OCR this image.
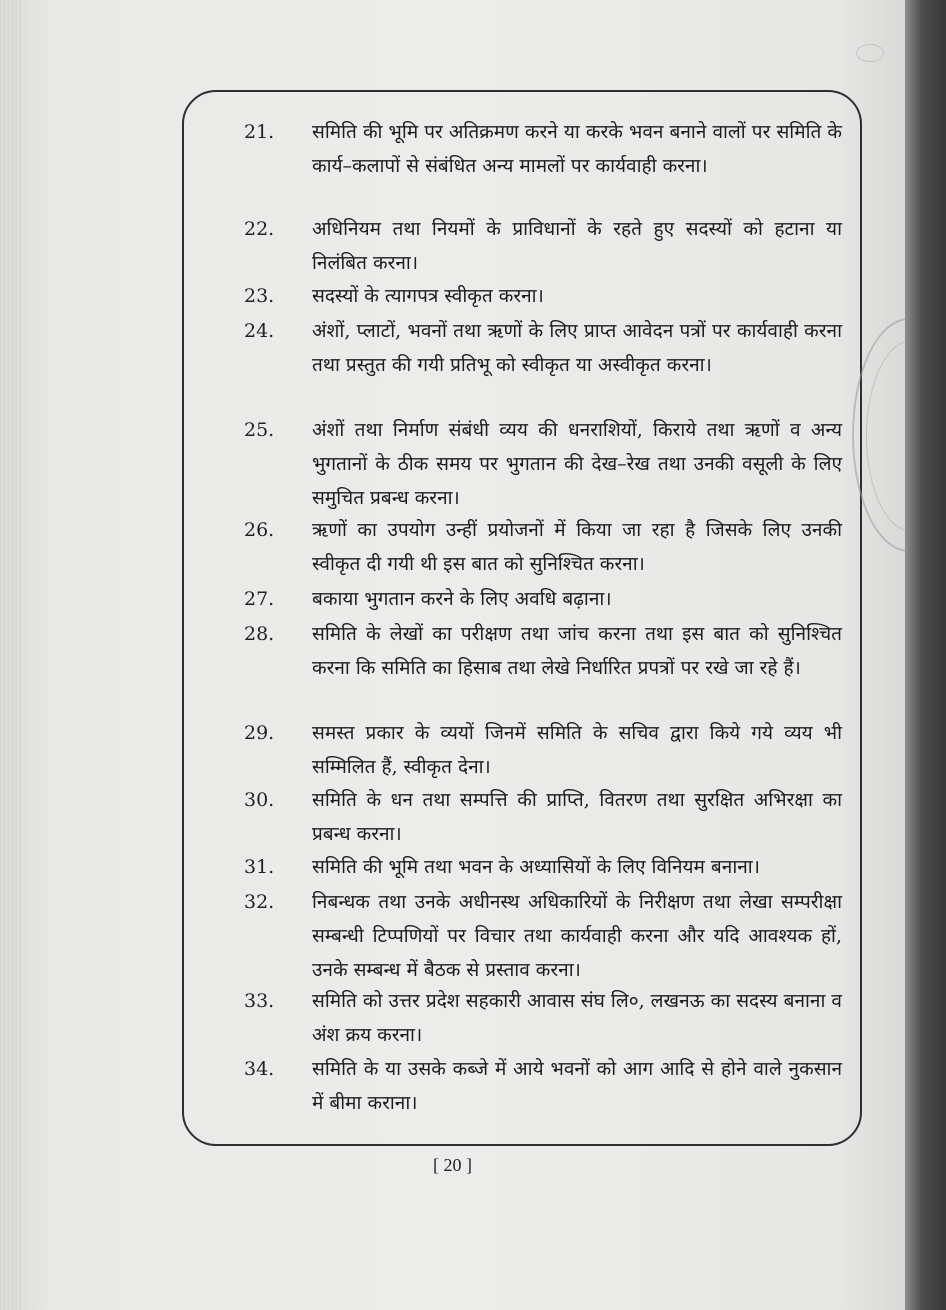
21.	समिति की भूमि पर अतिक्रमण करने या करके भवन बनाने वालों पर समिति के कार्य–कलापों से संबंधित अन्य मामलों पर कार्यवाही करना।
22.	अधिनियम तथा नियमों के प्राविधानों के रहते हुए सदस्यों को हटाना या निलंबित करना।
23.	सदस्यों के त्यागपत्र स्वीकृत करना।
24.	अंशों, प्लाटों, भवनों तथा ऋणों के लिए प्राप्त आवेदन पत्रों पर कार्यवाही करना तथा प्रस्तुत की गयी प्रतिभू को स्वीकृत या अस्वीकृत करना।
25.	अंशों तथा निर्माण संबंधी व्यय की धनराशियों, किराये तथा ऋणों व अन्य भुगतानों के ठीक समय पर भुगतान की देख–रेख तथा उनकी वसूली के लिए समुचित प्रबन्ध करना।
26.	ऋणों का उपयोग उन्हीं प्रयोजनों में किया जा रहा है जिसके लिए उनकी स्वीकृत दी गयी थी इस बात को सुनिश्चित करना।
27.	बकाया भुगतान करने के लिए अवधि बढ़ाना।
28.	समिति के लेखों का परीक्षण तथा जांच करना तथा इस बात को सुनिश्चित करना कि समिति का हिसाब तथा लेखे निर्धारित प्रपत्रों पर रखे जा रहे हैं।
29.	समस्त प्रकार के व्ययों जिनमें समिति के सचिव द्वारा किये गये व्यय भी सम्मिलित हैं, स्वीकृत देना।
30.	समिति के धन तथा सम्पत्ति की प्राप्ति, वितरण तथा सुरक्षित अभिरक्षा का प्रबन्ध करना।
31.	समिति की भूमि तथा भवन के अध्यासियों के लिए विनियम बनाना।
32.	निबन्धक तथा उनके अधीनस्थ अधिकारियों के निरीक्षण तथा लेखा सम्परीक्षा सम्बन्धी टिप्पणियों पर विचार तथा कार्यवाही करना और यदि आवश्यक हों, उनके सम्बन्ध में बैठक से प्रस्ताव करना।
33.	समिति को उत्तर प्रदेश सहकारी आवास संघ लि०, लखनऊ का सदस्य बनाना व अंश क्रय करना।
34.	समिति के या उसके कब्जे में आये भवनों को आग आदि से होने वाले नुकसान में बीमा कराना।
[ 20 ]
